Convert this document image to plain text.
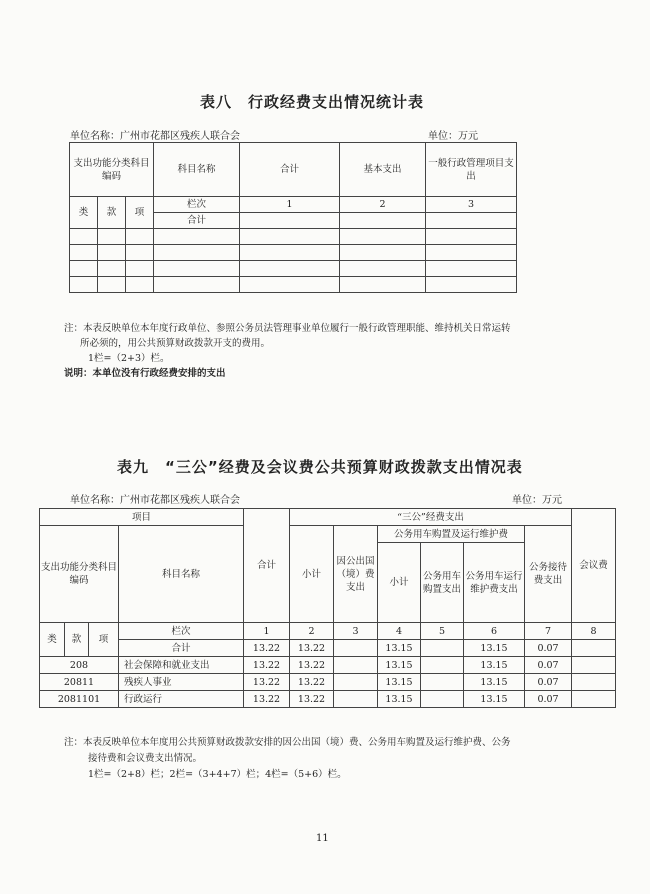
表八　行政经费支出情况统计表
单位名称：广州市花都区残疾人联合会	单位：万元
支出功能分类科目编码			科目名称	合计	基本支出	一般行政管理项目支出
类	款	项	栏次	1	2	3
			合计			

注：本表反映单位本年度行政单位、参照公务员法管理事业单位履行一般行政管理职能、维持机关日常运转
所必须的，用公共预算财政拨款开支的费用。
1栏=（2+3）栏。
说明：本单位没有行政经费安排的支出
表九　“三公”经费及会议费公共预算财政拨款支出情况表
单位名称：广州市花都区残疾人联合会	单位：万元
项目				合计	“三公”经费支出						会议费
支出功能分类科目编码			科目名称		小计	因公出国（境）费支出	公务用车购置及运行维护费			公务接待费支出	
							小计	公务用车购置支出	公务用车运行维护费支出		

类	款	项	栏次	1	2	3	4	5	6	7	8
			合计	13.22	13.22		13.15		13.15	0.07	
208			社会保障和就业支出	13.22	13.22		13.15		13.15	0.07	
20811			残疾人事业	13.22	13.22		13.15		13.15	0.07	
2081101			行政运行	13.22	13.22		13.15		13.15	0.07	
注：本表反映单位本年度用公共预算财政拨款安排的因公出国（境）费、公务用车购置及运行维护费、公务
接待费和会议费支出情况。
1栏=（2+8）栏；2栏=（3+4+7）栏；4栏=（5+6）栏。
11
